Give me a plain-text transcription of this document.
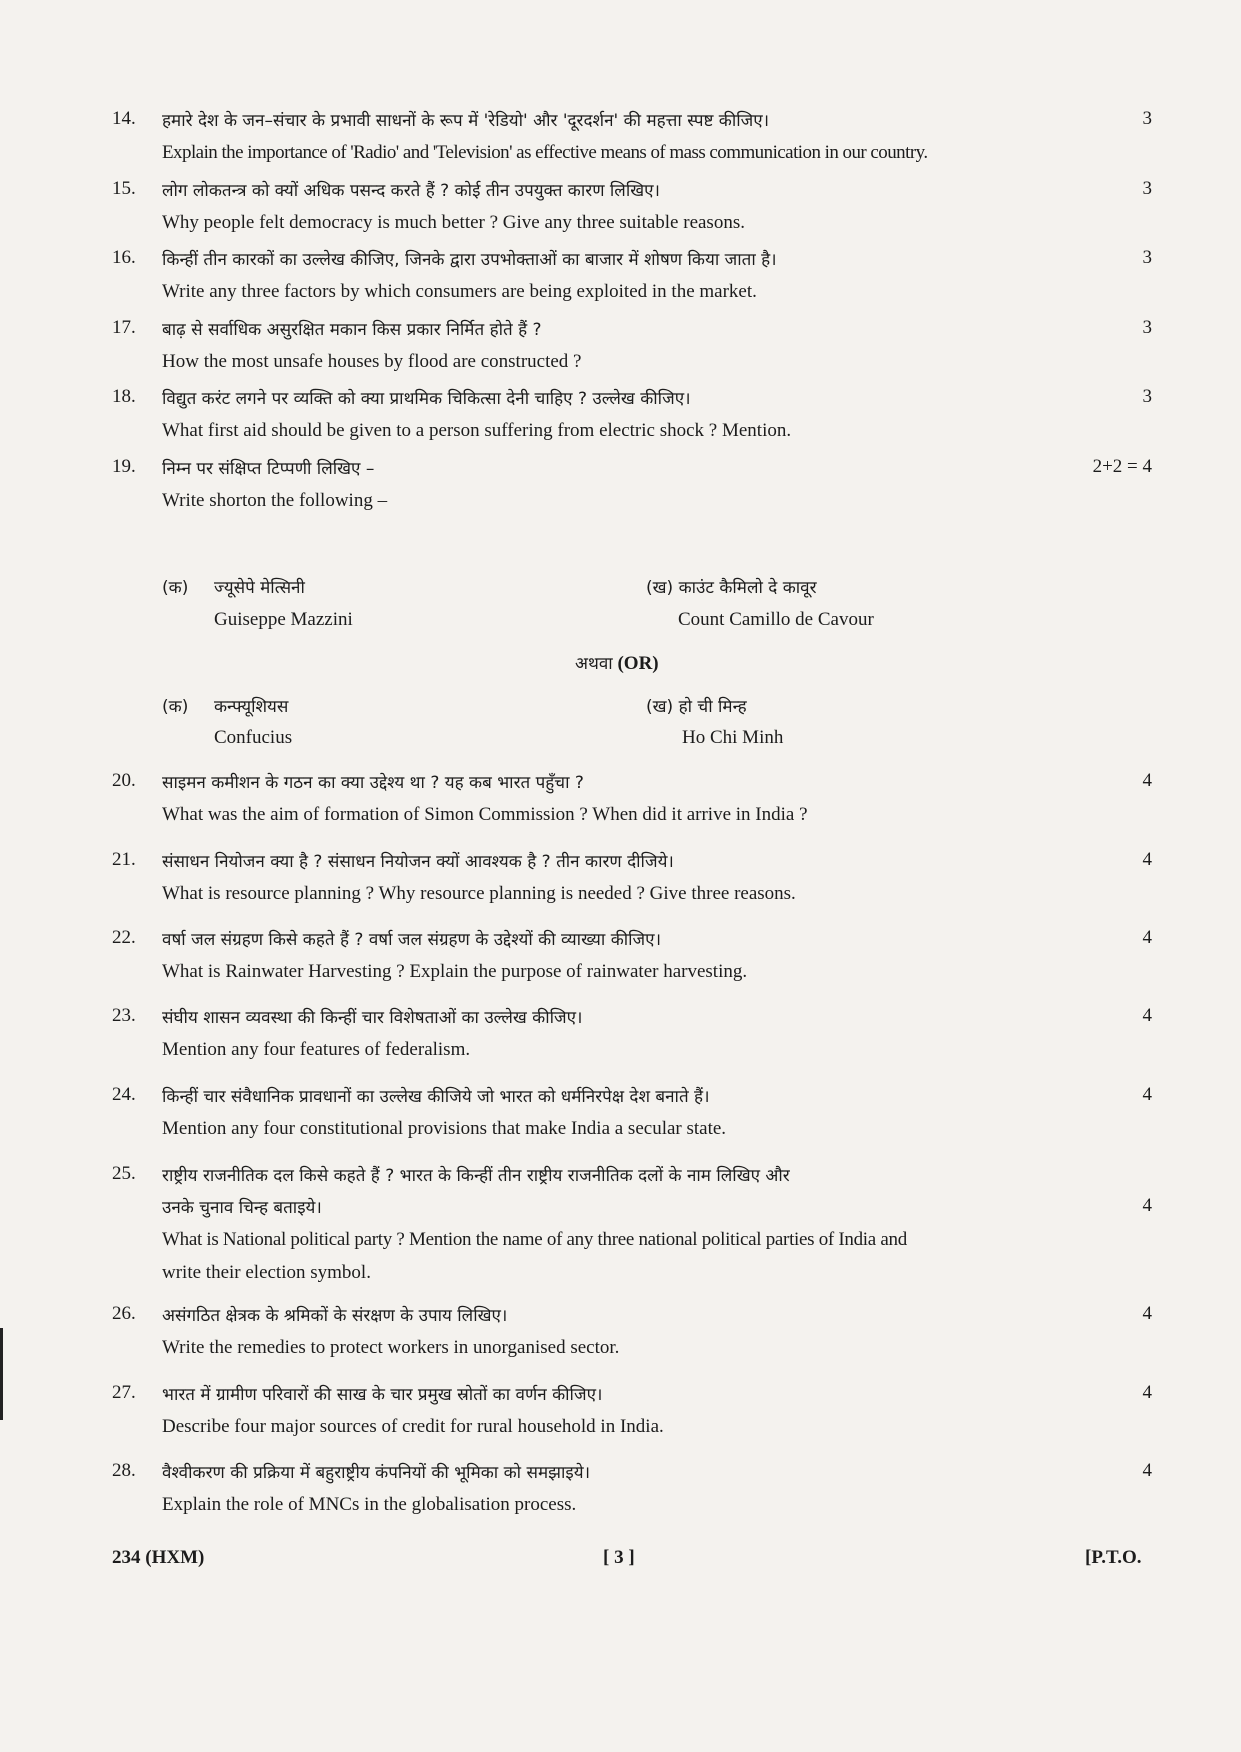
14. हमारे देश के जन–संचार के प्रभावी साधनों के रूप में 'रेडियो' और 'दूरदर्शन' की महत्ता स्पष्ट कीजिए।	3
Explain the importance of 'Radio' and 'Television' as effective means of mass communication in our country.
15. लोग लोकतन्त्र को क्यों अधिक पसन्द करते हैं ? कोई तीन उपयुक्त कारण लिखिए।	3
Why people felt democracy is much better ? Give any three suitable reasons.
16. किन्हीं तीन कारकों का उल्लेख कीजिए, जिनके द्वारा उपभोक्ताओं का बाजार में शोषण किया जाता है।	3
Write any three factors by which consumers are being exploited in the market.
17. बाढ़ से सर्वाधिक असुरक्षित मकान किस प्रकार निर्मित होते हैं ?	3
How the most unsafe houses by flood are constructed ?
18. विद्युत करंट लगने पर व्यक्ति को क्या प्राथमिक चिकित्सा देनी चाहिए ? उल्लेख कीजिए।	3
What first aid should be given to a person suffering from electric shock ? Mention.
19. निम्न पर संक्षिप्त टिप्पणी लिखिए –	2+2 = 4
Write shorton the following –
(क) ज्यूसेपे मेत्सिनी
Guiseppe Mazzini
(ख) काउंट कैमिलो दे कावूर
Count Camillo de Cavour
अथवा (OR)
(क) कन्फ्यूशियस
Confucius
(ख) हो ची मिन्ह
Ho Chi Minh
20. साइमन कमीशन के गठन का क्या उद्देश्य था ? यह कब भारत पहुँचा ?	4
What was the aim of formation of Simon Commission ? When did it arrive in India ?
21. संसाधन नियोजन क्या है ? संसाधन नियोजन क्यों आवश्यक है ? तीन कारण दीजिये।	4
What is resource planning ? Why resource planning is needed ? Give three reasons.
22. वर्षा जल संग्रहण किसे कहते हैं ? वर्षा जल संग्रहण के उद्देश्यों की व्याख्या कीजिए।	4
What is Rainwater Harvesting ? Explain the purpose of rainwater harvesting.
23. संघीय शासन व्यवस्था की किन्हीं चार विशेषताओं का उल्लेख कीजिए।	4
Mention any four features of federalism.
24. किन्हीं चार संवैधानिक प्रावधानों का उल्लेख कीजिये जो भारत को धर्मनिरपेक्ष देश बनाते हैं।	4
Mention any four constitutional provisions that make India a secular state.
25. राष्ट्रीय राजनीतिक दल किसे कहते हैं ? भारत के किन्हीं तीन राष्ट्रीय राजनीतिक दलों के नाम लिखिए और
उनके चुनाव चिन्ह बताइये।	4
What is National political party ? Mention the name of any three national political parties of India and
write their election symbol.
26. असंगठित क्षेत्रक के श्रमिकों के संरक्षण के उपाय लिखिए।	4
Write the remedies to protect workers in unorganised sector.
27. भारत में ग्रामीण परिवारों की साख के चार प्रमुख स्रोतों का वर्णन कीजिए।	4
Describe four major sources of credit for rural household in India.
28. वैश्वीकरण की प्रक्रिया में बहुराष्ट्रीय कंपनियों की भूमिका को समझाइये।	4
Explain the role of MNCs in the globalisation process.
234 (HXM)	[ 3 ]	[P.T.O.
